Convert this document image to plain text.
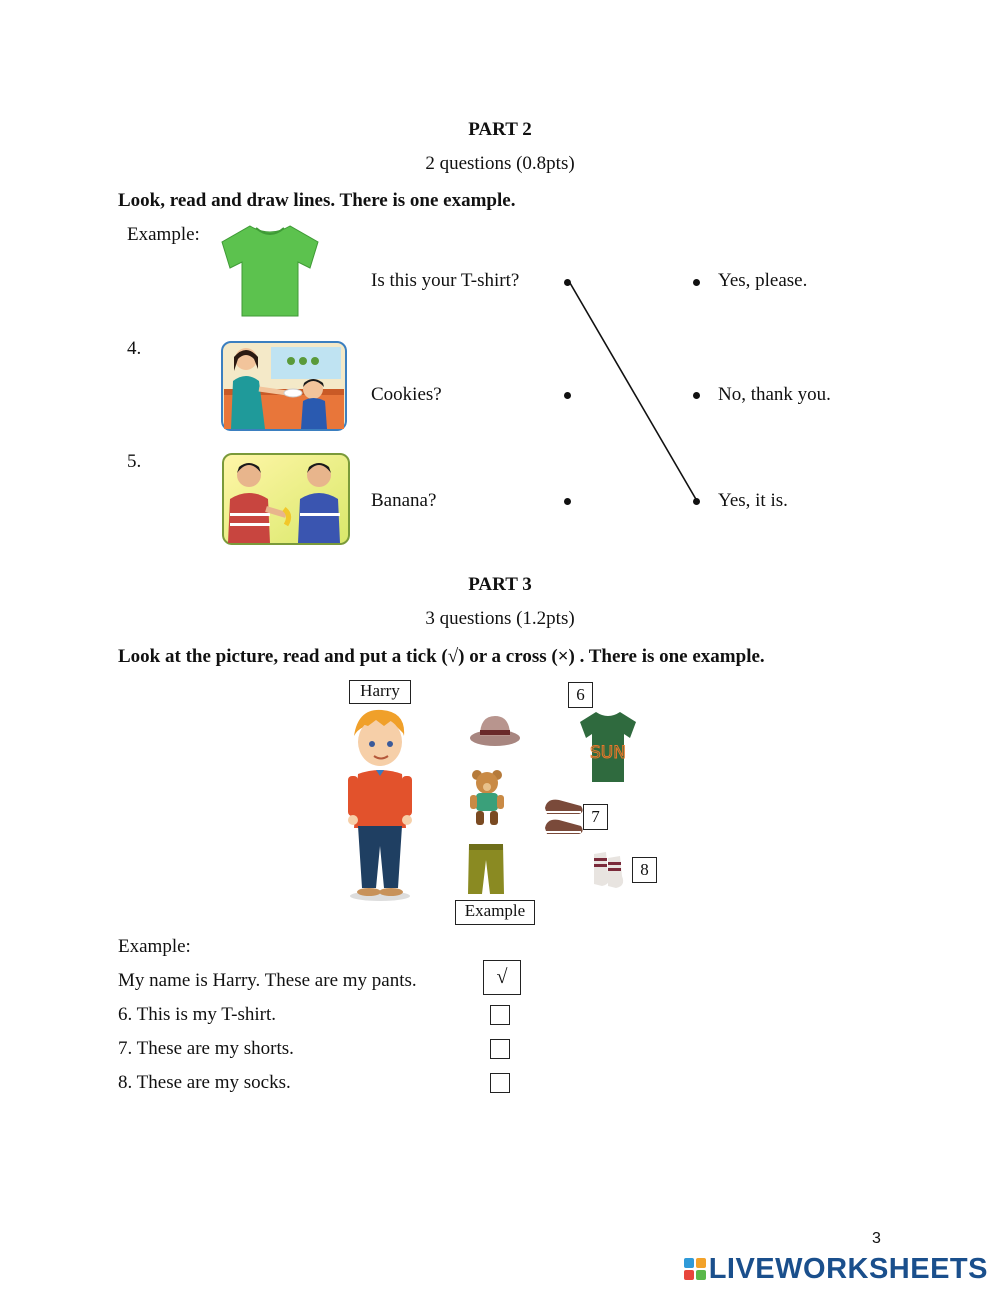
PART 2
2 questions (0.8pts)
Look, read and draw lines. There is one example.
Example:
4.
5.
Is this your T-shirt?
Cookies?
Banana?
Yes, please.
No, thank you.
Yes, it is.
PART 3
3 questions (1.2pts)
Look at the picture, read and put a tick (√) or a cross (×) . There is one example.
Harry	6
7
8
Example
SUN
Example:
My name is Harry. These are my pants.
6. This is my T-shirt.
7. These are my shorts.
8. These are my socks.
√
3
LIVEWORKSHEETS
